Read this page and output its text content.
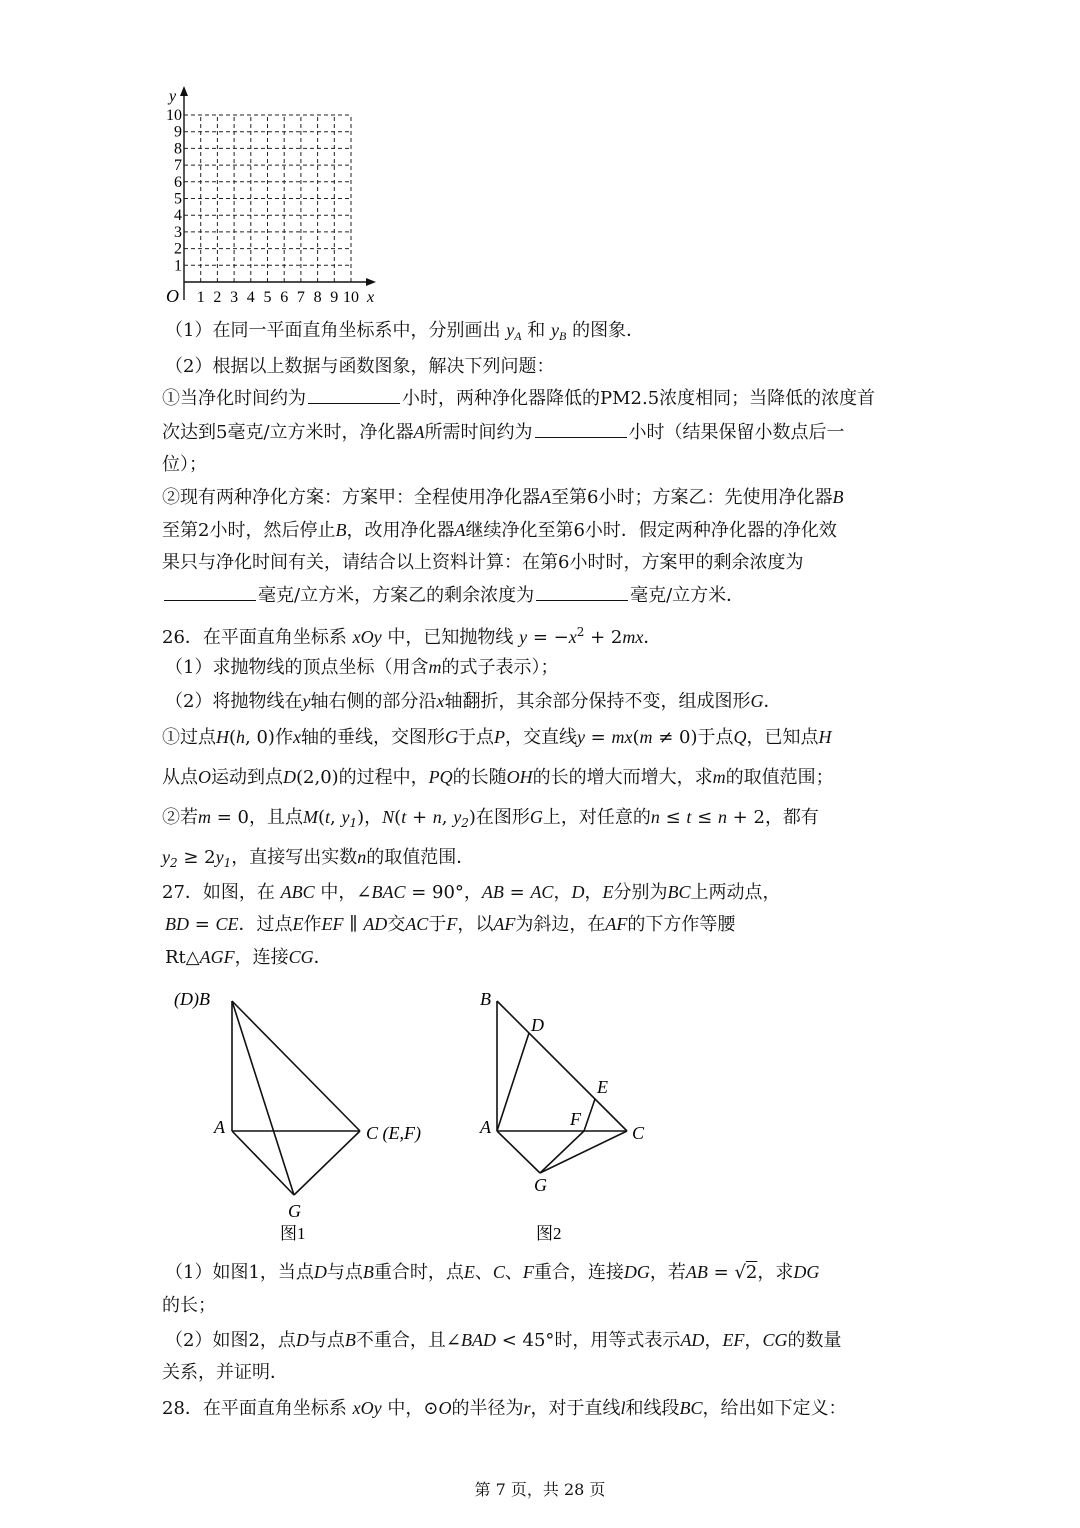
y
x
O
10
9
8
7
6
5
4
3
2
1
1 2 3 4 5 6 7 8 9 10
（1）在同一平面直角坐标系中，分别画出 $y_A$ 和 $y_B$ 的图象．
（2）根据以上数据与函数图象，解决下列问题：
①当净化时间约为	小时，两种净化器降低的PM2.5浓度相同；当降低的浓度首
次达到5毫克/立方米时，净化器A所需时间约为	小时（结果保留小数点后一
位）；
②现有两种净化方案：方案甲：全程使用净化器A至第6小时；方案乙：先使用净化器B
至第2小时，然后停止B，改用净化器A继续净化至第6小时．假定两种净化器的净化效
果只与净化时间有关，请结合以上资料计算：在第6小时时，方案甲的剩余浓度为
毫克/立方米，方案乙的剩余浓度为	毫克/立方米．
26．在平面直角坐标系 xOy 中，已知抛物线 $y = -x^2 + 2mx$．
（1）求抛物线的顶点坐标（用含m的式子表示）；
（2）将抛物线在y轴右侧的部分沿x轴翻折，其余部分保持不变，组成图形G．
①过点H(h, 0)作x轴的垂线，交图形G于点P，交直线y = mx(m ≠ 0)于点Q，已知点H
从点O运动到点D(2,0)的过程中，PQ的长随OH的长的增大而增大，求m的取值范围；
②若m = 0，且点M(t, $y_1$)，N(t + n, $y_2$)在图形G上，对任意的n ≤ t ≤ n + 2，都有
$y_2 \ge 2y_1$，直接写出实数n的取值范围．
27．如图，在 ABC 中，∠BAC = 90°，AB = AC，D，E分别为BC上两动点，
BD = CE．过点E作EF ∥ AD交AC于F，以AF为斜边，在AF的下方作等腰
Rt△AGF，连接CG．
(D)B
A	C (E,F)
G
图1
B
D
E
F
A	C
G
图2
（1）如图1，当点D与点B重合时，点E、C、F重合，连接DG，若AB = √2，求DG
的长；
（2）如图2，点D与点B不重合，且∠BAD < 45°时，用等式表示AD，EF，CG的数量
关系，并证明．
28．在平面直角坐标系 xOy 中，⊙O的半径为r，对于直线l和线段BC，给出如下定义：
第 7 页，共 28 页
